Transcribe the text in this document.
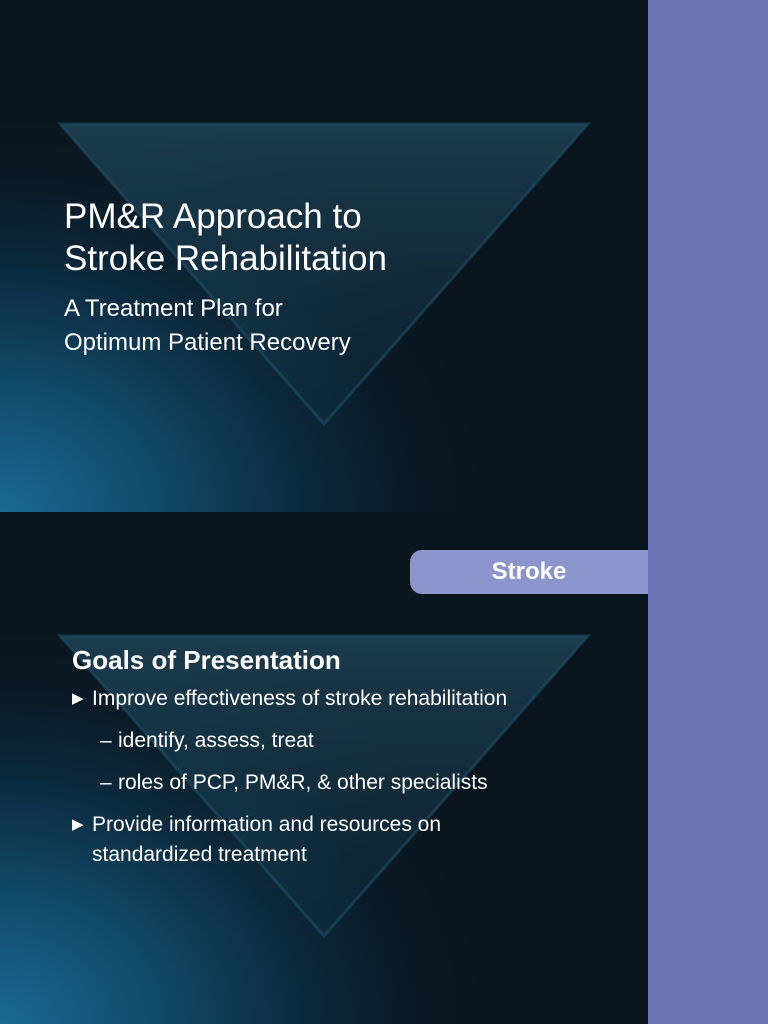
PM&R Approach to
Stroke Rehabilitation

A Treatment Plan for
Optimum Patient Recovery

Stroke
Goals of Presentation
▶ Improve effectiveness of stroke rehabilitation
– identify, assess, treat
– roles of PCP, PM&R, & other specialists
▶ Provide information and resources on
standardized treatment
